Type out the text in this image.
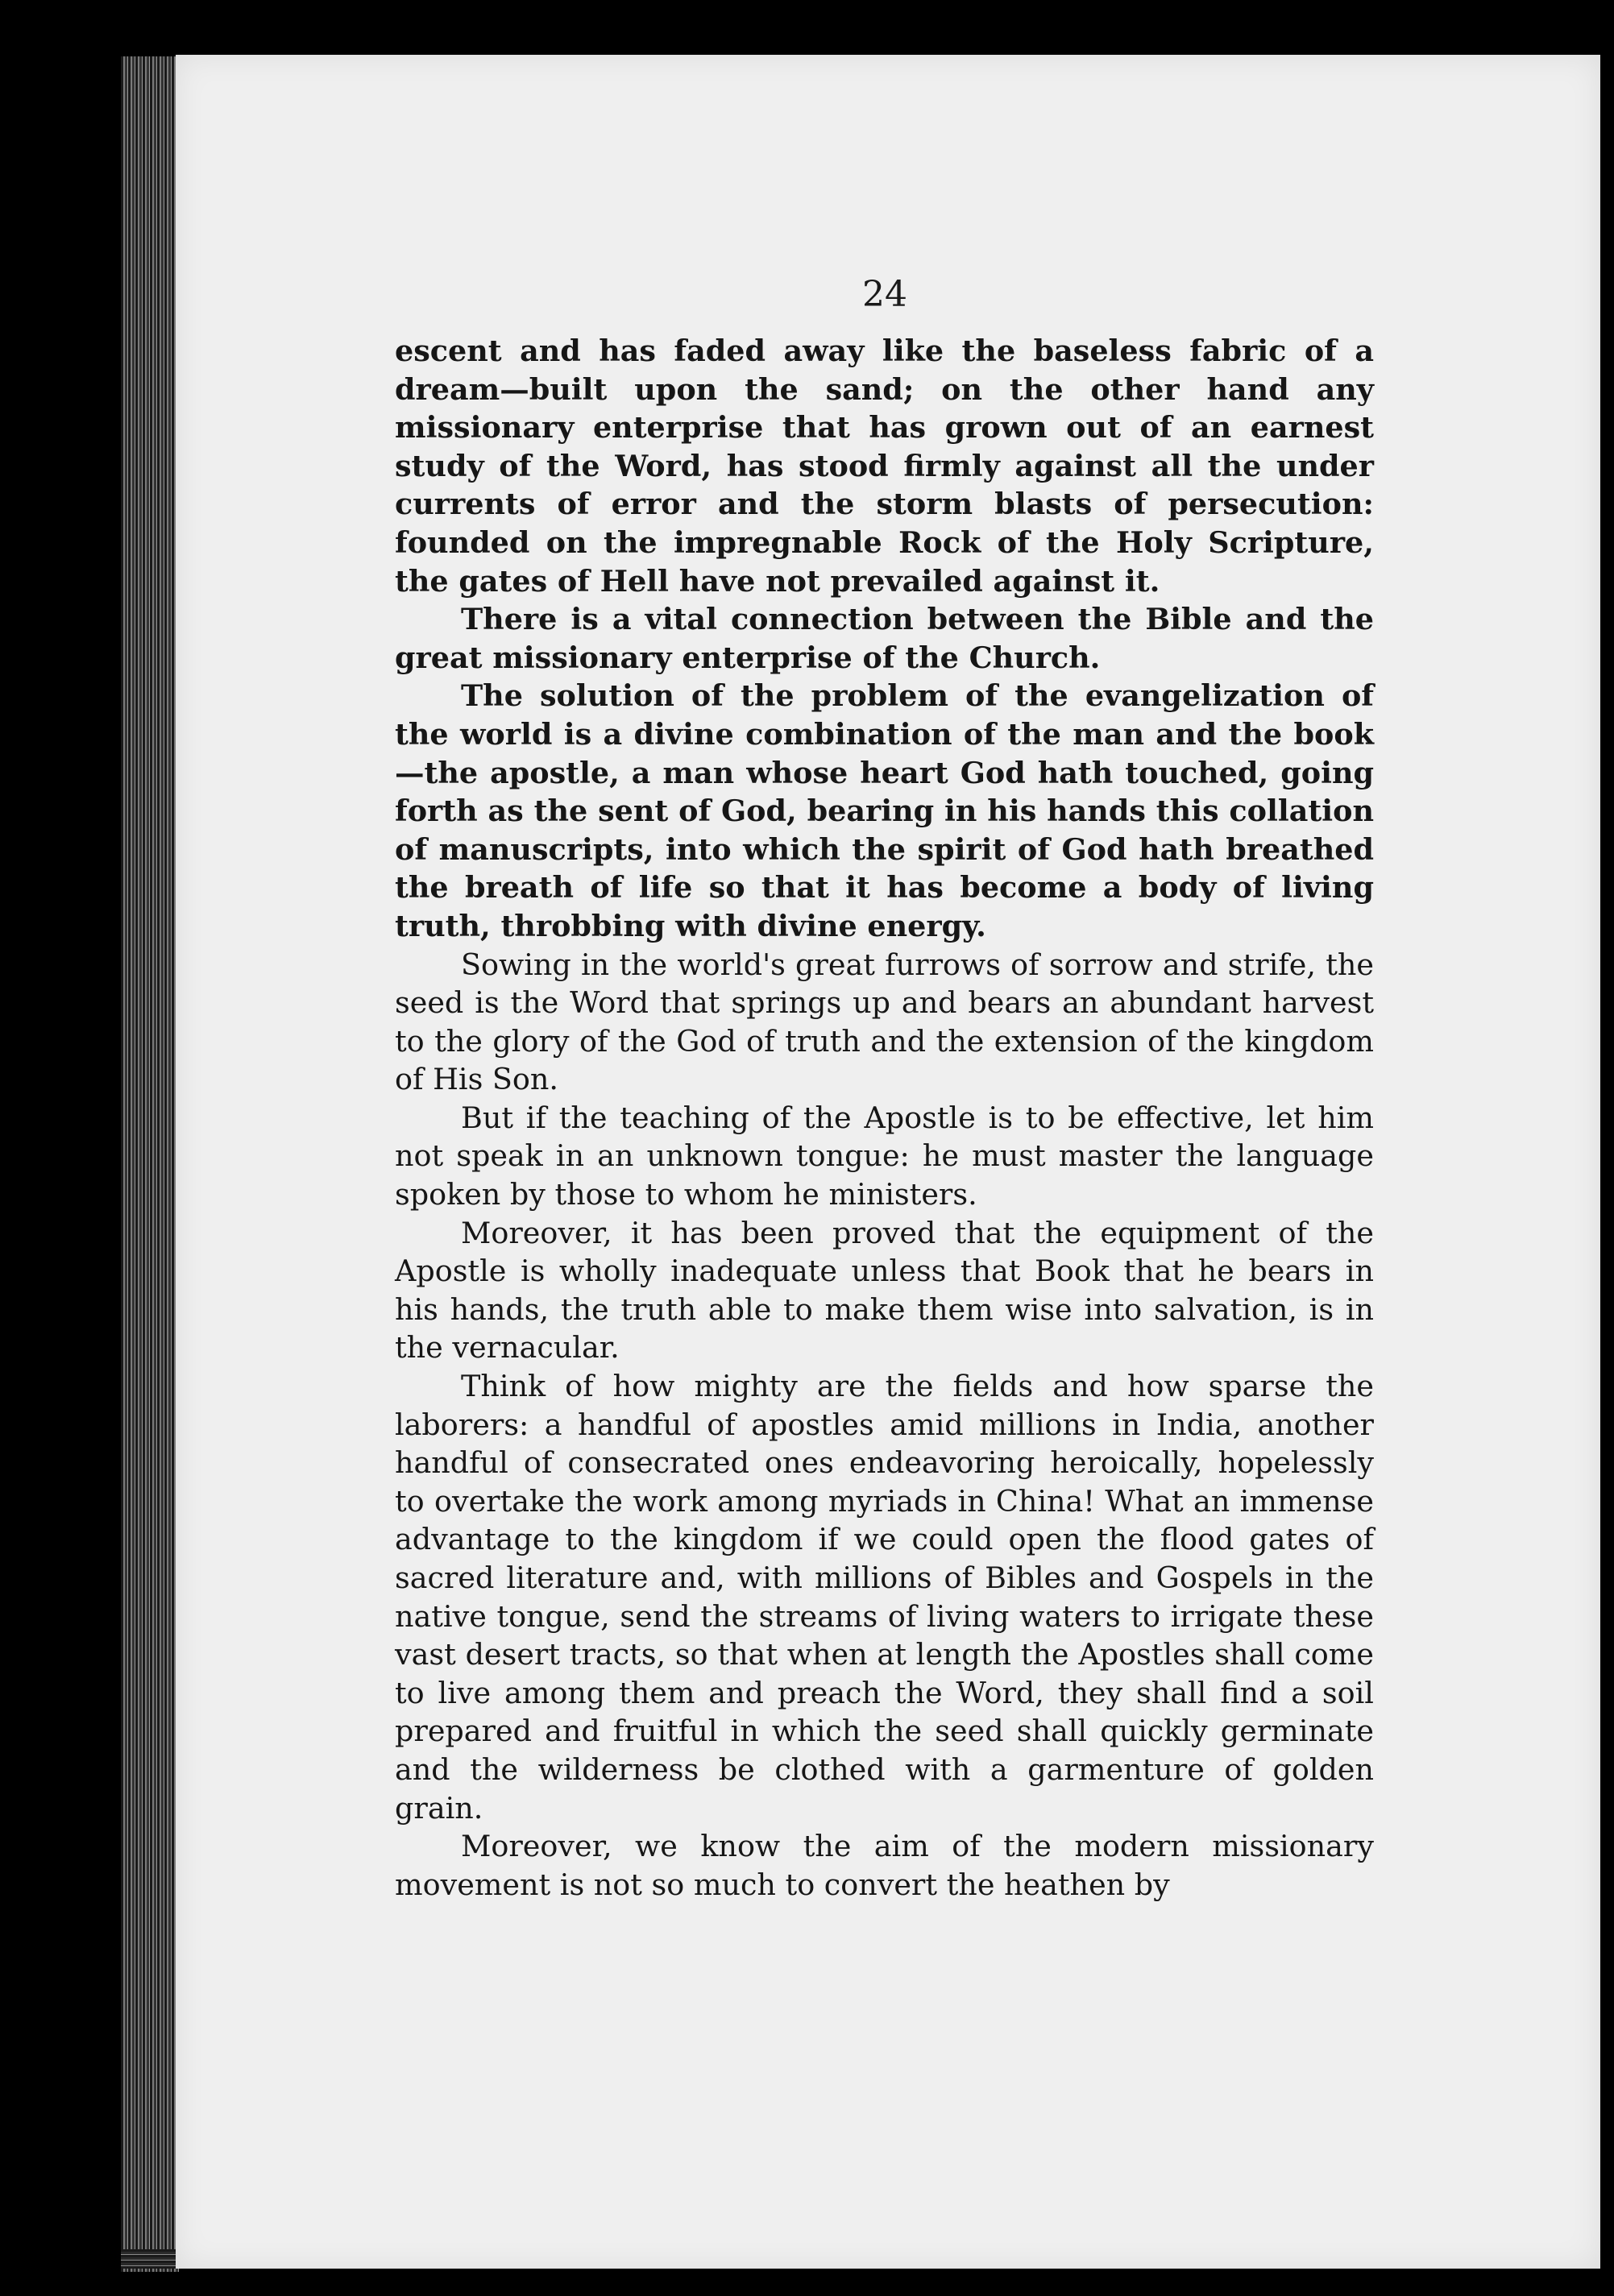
24

escent and has faded away like the baseless fabric of a dream—built upon the sand; on the other hand any missionary enterprise that has grown out of an earnest study of the Word, has stood firmly against all the under currents of error and the storm blasts of persecution: founded on the impregnable Rock of the Holy Scripture, the gates of Hell have not prevailed against it.

There is a vital connection between the Bible and the great missionary enterprise of the Church.

The solution of the problem of the evangelization of the world is a divine combination of the man and the book—the apostle, a man whose heart God hath touched, going forth as the sent of God, bearing in his hands this collation of manuscripts, into which the spirit of God hath breathed the breath of life so that it has become a body of living truth, throbbing with divine energy.

Sowing in the world's great furrows of sorrow and strife, the seed is the Word that springs up and bears an abundant harvest to the glory of the God of truth and the extension of the kingdom of His Son.

But if the teaching of the Apostle is to be effective, let him not speak in an unknown tongue: he must master the language spoken by those to whom he ministers.

Moreover, it has been proved that the equipment of the Apostle is wholly inadequate unless that Book that he bears in his hands, the truth able to make them wise into salvation, is in the vernacular.

Think of how mighty are the fields and how sparse the laborers: a handful of apostles amid millions in India, another handful of consecrated ones endeavoring heroically, hopelessly to overtake the work among myriads in China! What an immense advantage to the kingdom if we could open the flood gates of sacred literature and, with millions of Bibles and Gospels in the native tongue, send the streams of living waters to irrigate these vast desert tracts, so that when at length the Apostles shall come to live among them and preach the Word, they shall find a soil prepared and fruitful in which the seed shall quickly germinate and the wilderness be clothed with a garmenture of golden grain.

Moreover, we know the aim of the modern missionary movement is not so much to convert the heathen by
